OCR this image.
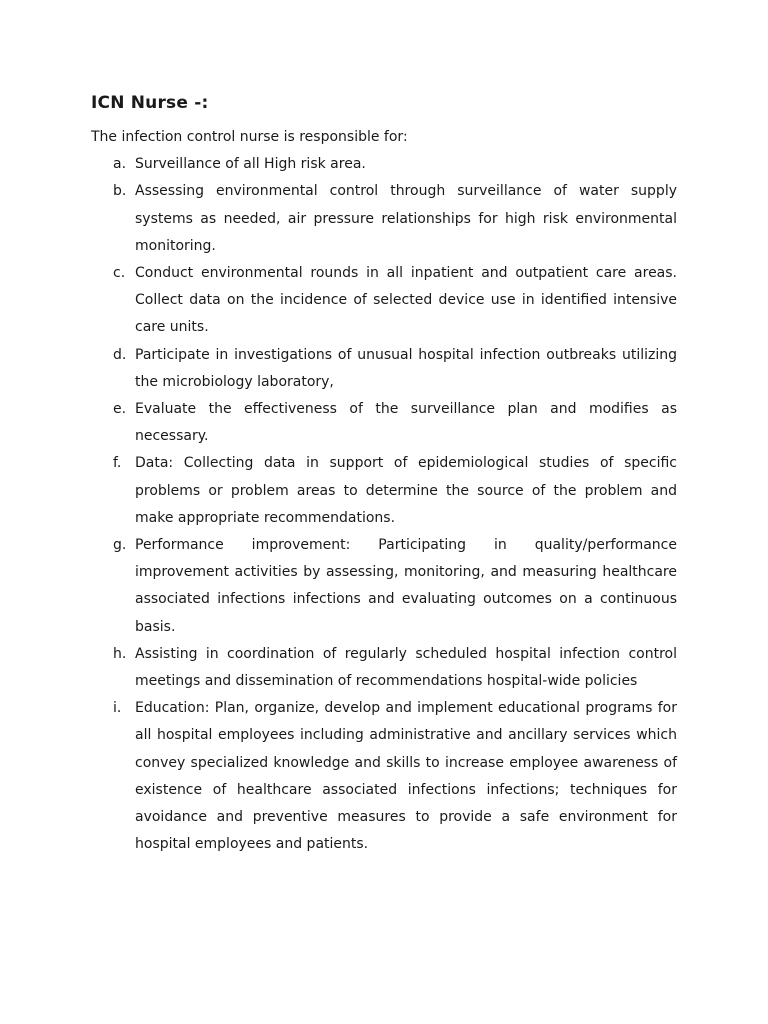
ICN Nurse -:

The infection control nurse is responsible for:

a. Surveillance of all High risk area.
b. Assessing environmental control through surveillance of water supply systems as needed, air pressure relationships for high risk environmental monitoring.
c. Conduct environmental rounds in all inpatient and outpatient care areas. Collect data on the incidence of selected device use in identified intensive care units.
d. Participate in investigations of unusual hospital infection outbreaks utilizing the microbiology laboratory,
e. Evaluate the effectiveness of the surveillance plan and modifies as necessary.
f. Data: Collecting data in support of epidemiological studies of specific problems or problem areas to determine the source of the problem and make appropriate recommendations.
g. Performance improvement: Participating in quality/performance improvement activities by assessing, monitoring, and measuring healthcare associated infections infections and evaluating outcomes on a continuous basis.
h. Assisting in coordination of regularly scheduled hospital infection control meetings and dissemination of recommendations hospital-wide policies
i. Education: Plan, organize, develop and implement educational programs for all hospital employees including administrative and ancillary services which convey specialized knowledge and skills to increase employee awareness of existence of healthcare associated infections infections; techniques for avoidance and preventive measures to provide a safe environment for hospital employees and patients.
